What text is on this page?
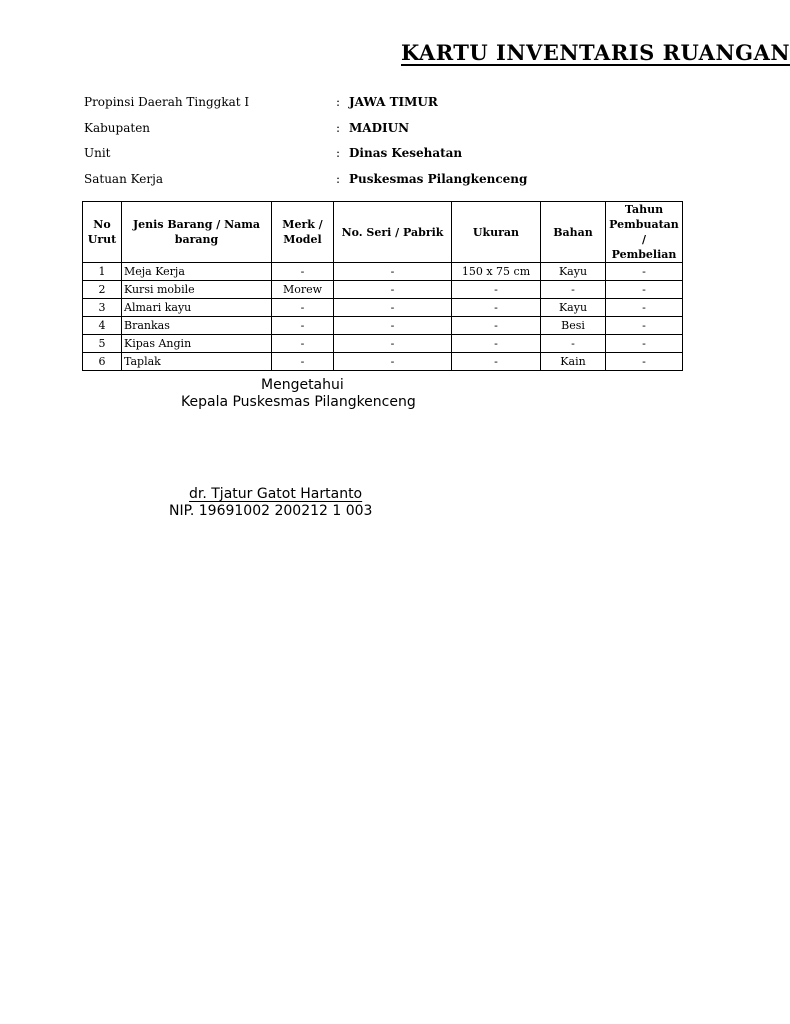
KARTU INVENTARIS RUANGAN
Propinsi Daerah Tinggkat I	: JAWA TIMUR
Kabupaten	: MADIUN
Unit	: Dinas Kesehatan
Satuan Kerja	: Puskesmas Pilangkenceng
No Urut	Jenis Barang / Nama barang	Merk / Model	No. Seri / Pabrik	Ukuran	Bahan	Tahun Pembuatan / Pembelian
1	Meja Kerja	-	-	150 x 75 cm	Kayu	-
2	Kursi mobile	Morew	-	-	-	-
3	Almari kayu	-	-	-	Kayu	-
4	Brankas	-	-	-	Besi	-
5	Kipas Angin	-	-	-	-	-
6	Taplak	-	-	-	Kain	-
Mengetahui
Kepala Puskesmas Pilangkenceng
dr. Tjatur Gatot Hartanto
NIP. 19691002 200212 1 003
